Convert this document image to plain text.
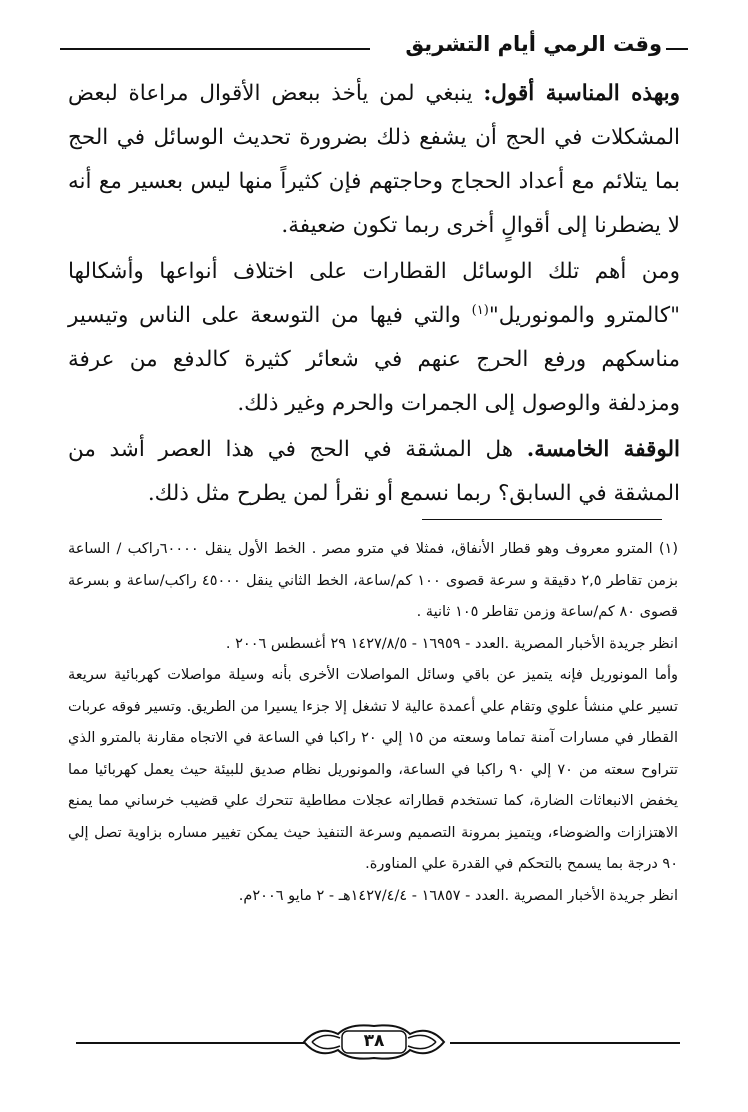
وقت الرمي أيام التشريق

وبهذه المناسبة أقول: ينبغي لمن يأخذ ببعض الأقوال مراعاة لبعض المشكلات في الحج أن يشفع ذلك بضرورة تحديث الوسائل في الحج بما يتلائم مع أعداد الحجاج وحاجتهم فإن كثيراً منها ليس بعسير مع أنه لا يضطرنا إلى أقوالٍ أخرى ربما تكون ضعيفة.

ومن أهم تلك الوسائل القطارات على اختلاف أنواعها وأشكالها "كالمترو والمونوريل"$^{(١)}$ والتي فيها من التوسعة على الناس وتيسير مناسكهم ورفع الحرج عنهم في شعائر كثيرة كالدفع من عرفة ومزدلفة والوصول إلى الجمرات والحرم وغير ذلك.

الوقفة الخامسة. هل المشقة في الحج في هذا العصر أشد من المشقة في السابق؟ ربما نسمع أو نقرأ لمن يطرح مثل ذلك.

(١) المترو معروف وهو قطار الأنفاق، فمثلا في مترو مصر . الخط الأول ينقل ٦٠٠٠٠راكب / الساعة بزمن تقاطر ٢,٥ دقيقة و سرعة قصوى ١٠٠ كم/ساعة، الخط الثاني ينقل ٤٥٠٠٠ راكب/ساعة و بسرعة قصوى ٨٠ كم/ساعة وزمن تقاطر ١٠٥ ثانية .

انظر جريدة الأخبار المصرية .العدد - ١٦٩٥٩ - ١٤٢٧/٨/٥ ٢٩ أغسطس ٢٠٠٦ .

وأما المونوريل فإنه يتميز عن باقي وسائل المواصلات الأخرى بأنه وسيلة مواصلات كهربائية سريعة تسير علي منشأ علوي وتقام علي أعمدة عالية لا تشغل إلا جزءا يسيرا من الطريق. وتسير فوقه عربات القطار في مسارات آمنة تماما وسعته من ١٥ إلي ٢٠ راكبا في الساعة في الاتجاه مقارنة بالمترو الذي تتراوح سعته من ٧٠ إلي ٩٠ راكبا في الساعة، والمونوريل نظام صديق للبيئة حيث يعمل كهربائيا مما يخفض الانبعاثات الضارة، كما تستخدم قطاراته عجلات مطاطية تتحرك علي قضيب خرساني مما يمنع الاهتزازات والضوضاء، ويتميز بمرونة التصميم وسرعة التنفيذ حيث يمكن تغيير مساره بزاوية تصل إلي ٩٠ درجة بما يسمح بالتحكم في القدرة علي المناورة.

انظر جريدة الأخبار المصرية .العدد - ١٦٨٥٧ - ١٤٢٧/٤/٤هـ - ٢ مايو ٢٠٠٦م.

٣٨
